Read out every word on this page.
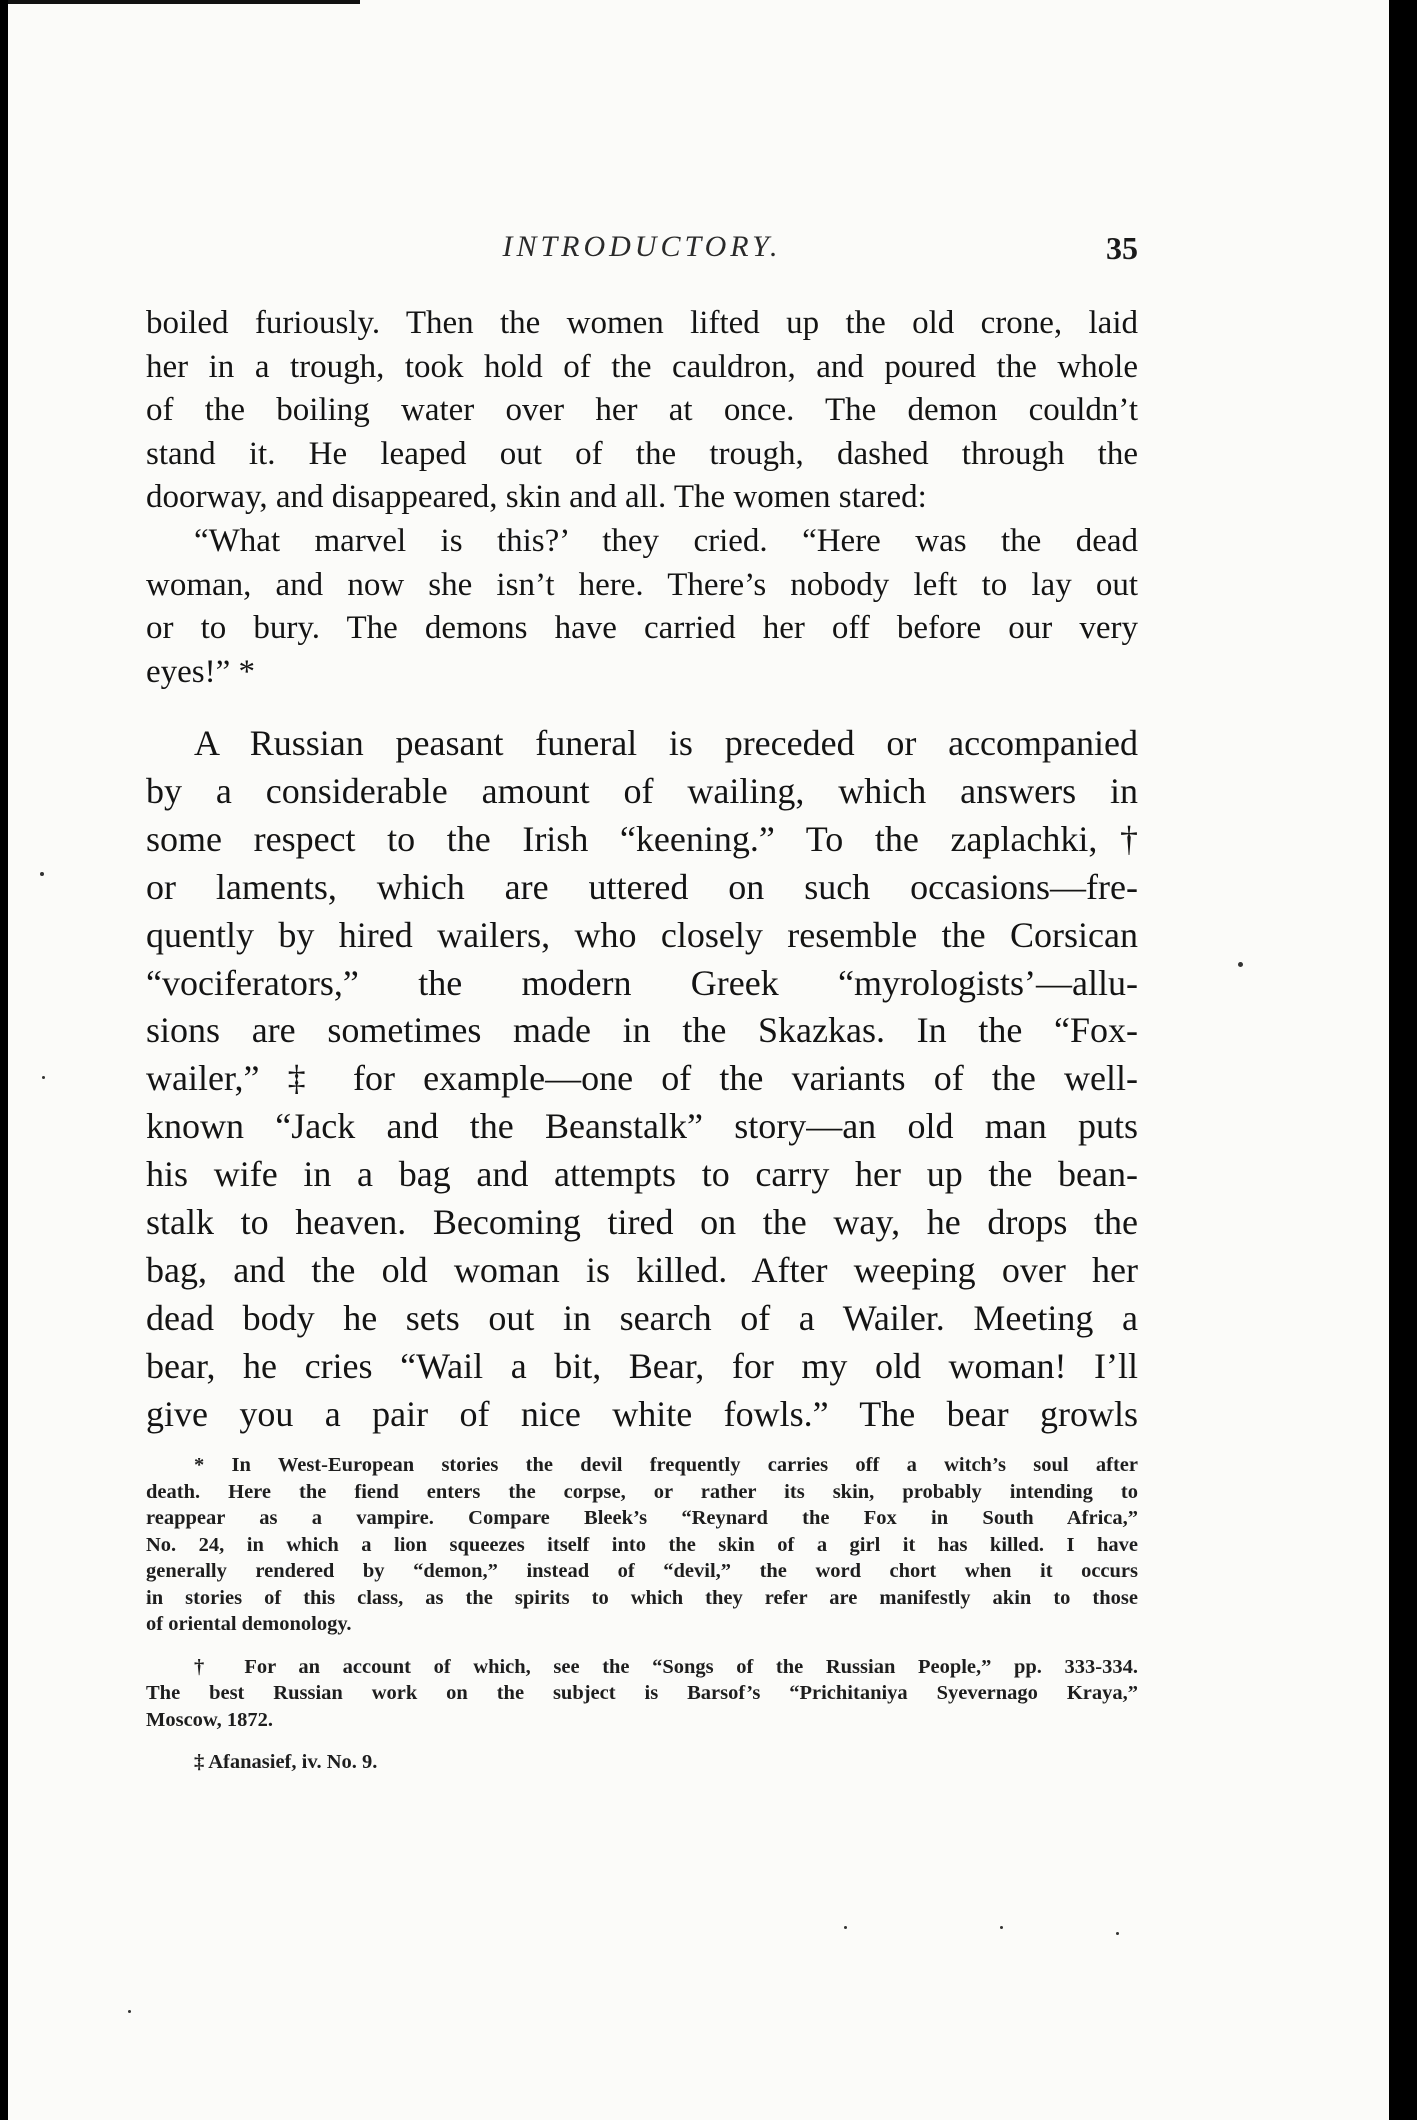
INTRODUCTORY.	35
boiled furiously. Then the women lifted up the old crone, laid
her in a trough, took hold of the cauldron, and poured the whole
of the boiling water over her at once. The demon couldn’t
stand it. He leaped out of the trough, dashed through the
doorway, and disappeared, skin and all. The women stared:
“What marvel is this?’ they cried. “Here was the dead
woman, and now she isn’t here. There’s nobody left to lay out
or to bury. The demons have carried her off before our very
eyes!” *
A Russian peasant funeral is preceded or accompanied
by a considerable amount of wailing, which answers in
some respect to the Irish “keening.” To the zaplachki,†
or laments, which are uttered on such occasions—fre-
quently by hired wailers, who closely resemble the Corsican
“vociferators,” the modern Greek “myrologists’—allu-
sions are sometimes made in the Skazkas. In the “Fox-
wailer,” ‡ for example—one of the variants of the well-
known “Jack and the Beanstalk” story—an old man puts
his wife in a bag and attempts to carry her up the bean-
stalk to heaven. Becoming tired on the way, he drops the
bag, and the old woman is killed. After weeping over her
dead body he sets out in search of a Wailer. Meeting a
bear, he cries “Wail a bit, Bear, for my old woman! I’ll
give you a pair of nice white fowls.” The bear growls
* In West-European stories the devil frequently carries off a witch’s soul after
death. Here the fiend enters the corpse, or rather its skin, probably intending to
reappear as a vampire. Compare Bleek’s “Reynard the Fox in South Africa,”
No. 24, in which a lion squeezes itself into the skin of a girl it has killed. I have
generally rendered by “demon,” instead of “devil,” the word chort when it occurs
in stories of this class, as the spirits to which they refer are manifestly akin to those
of oriental demonology.
† For an account of which, see the “Songs of the Russian People,” pp. 333-334.
The best Russian work on the subject is Barsof’s “Prichitaniya Syevernago Kraya,”
Moscow, 1872.
‡ Afanasief, iv. No. 9.
